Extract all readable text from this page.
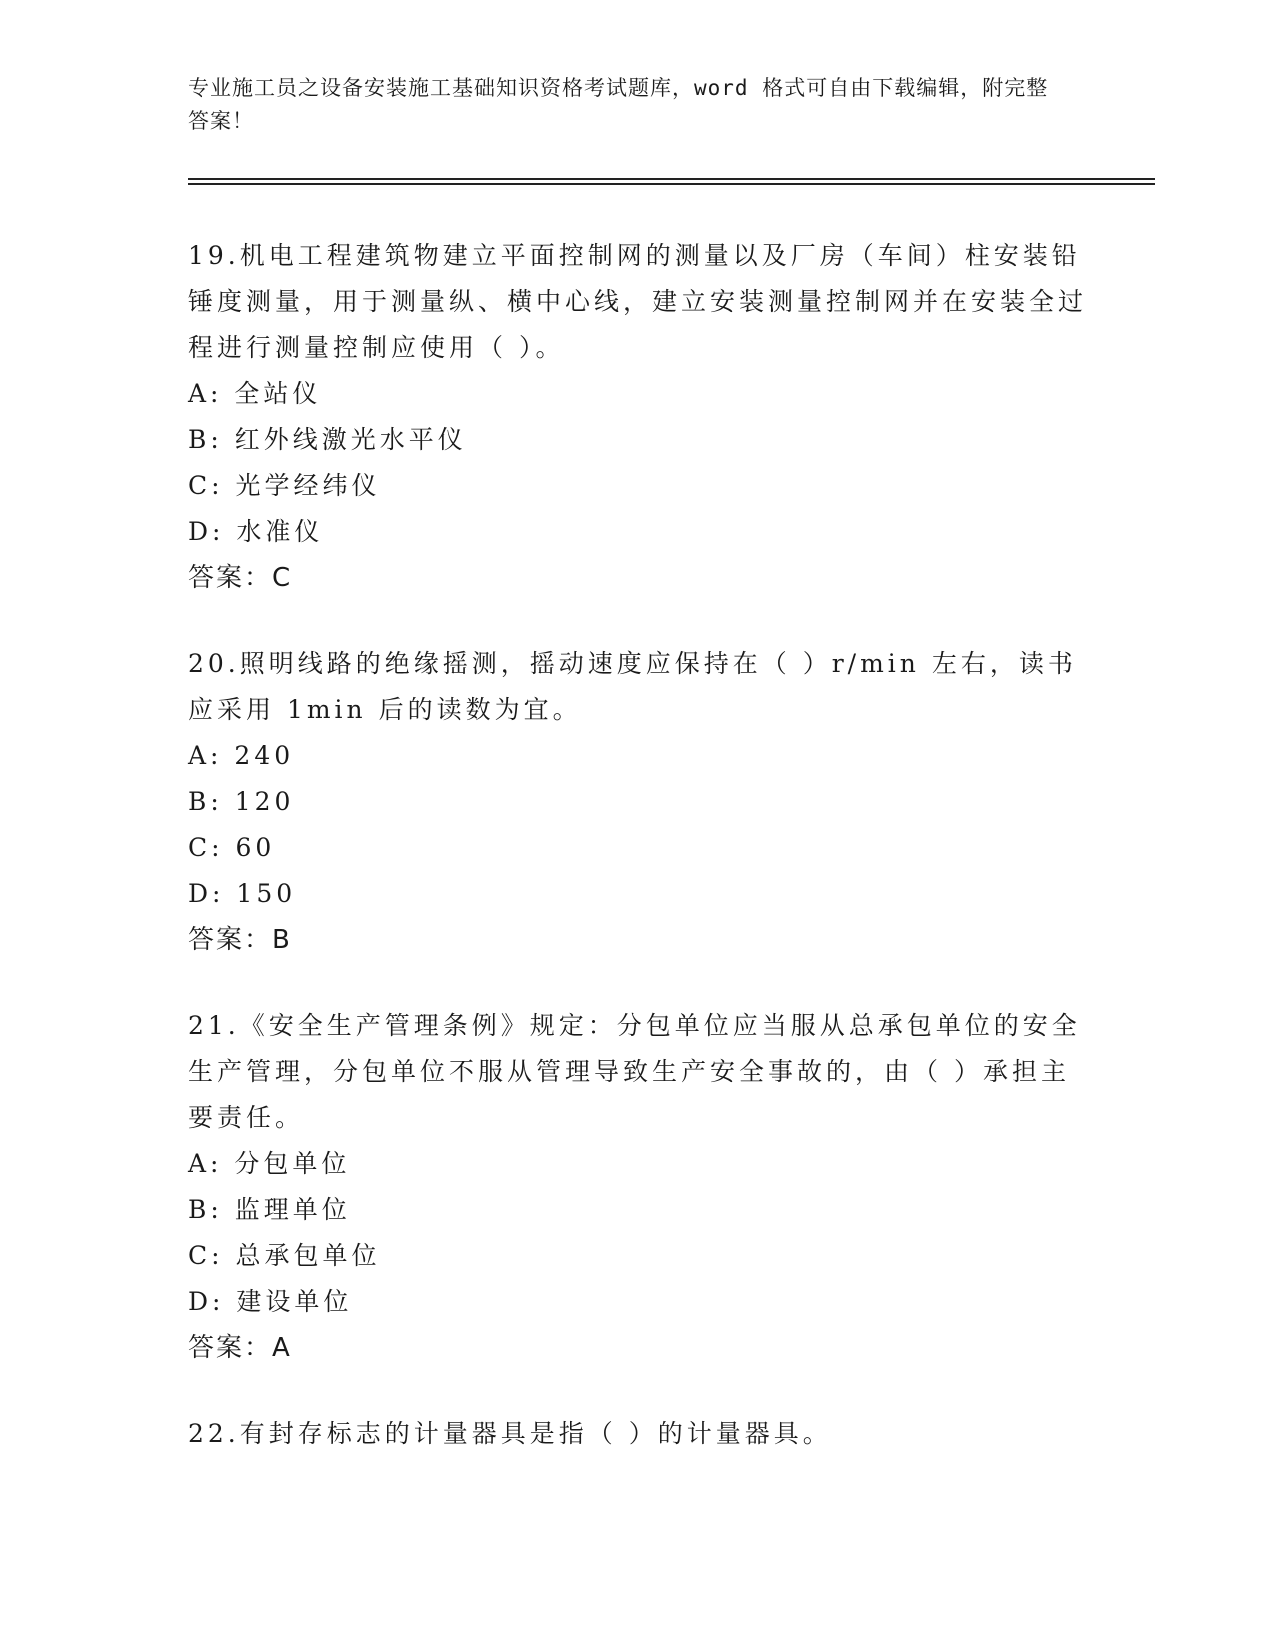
专业施工员之设备安装施工基础知识资格考试题库，word 格式可自由下载编辑，附完整答案！

19.机电工程建筑物建立平面控制网的测量以及厂房（车间）柱安装铅锤度测量，用于测量纵、横中心线，建立安装测量控制网并在安装全过程进行测量控制应使用（ ）。

A: 全站仪

B: 红外线激光水平仪

C: 光学经纬仪

D: 水准仪

答案：C

20.照明线路的绝缘摇测，摇动速度应保持在（ ）r/min 左右，读书应采用 1min 后的读数为宜。

A: 240

B: 120

C: 60

D: 150

答案：B

21.《安全生产管理条例》规定：分包单位应当服从总承包单位的安全生产管理，分包单位不服从管理导致生产安全事故的，由（ ）承担主要责任。

A: 分包单位

B: 监理单位

C: 总承包单位

D: 建设单位

答案：A

22.有封存标志的计量器具是指（ ）的计量器具。
